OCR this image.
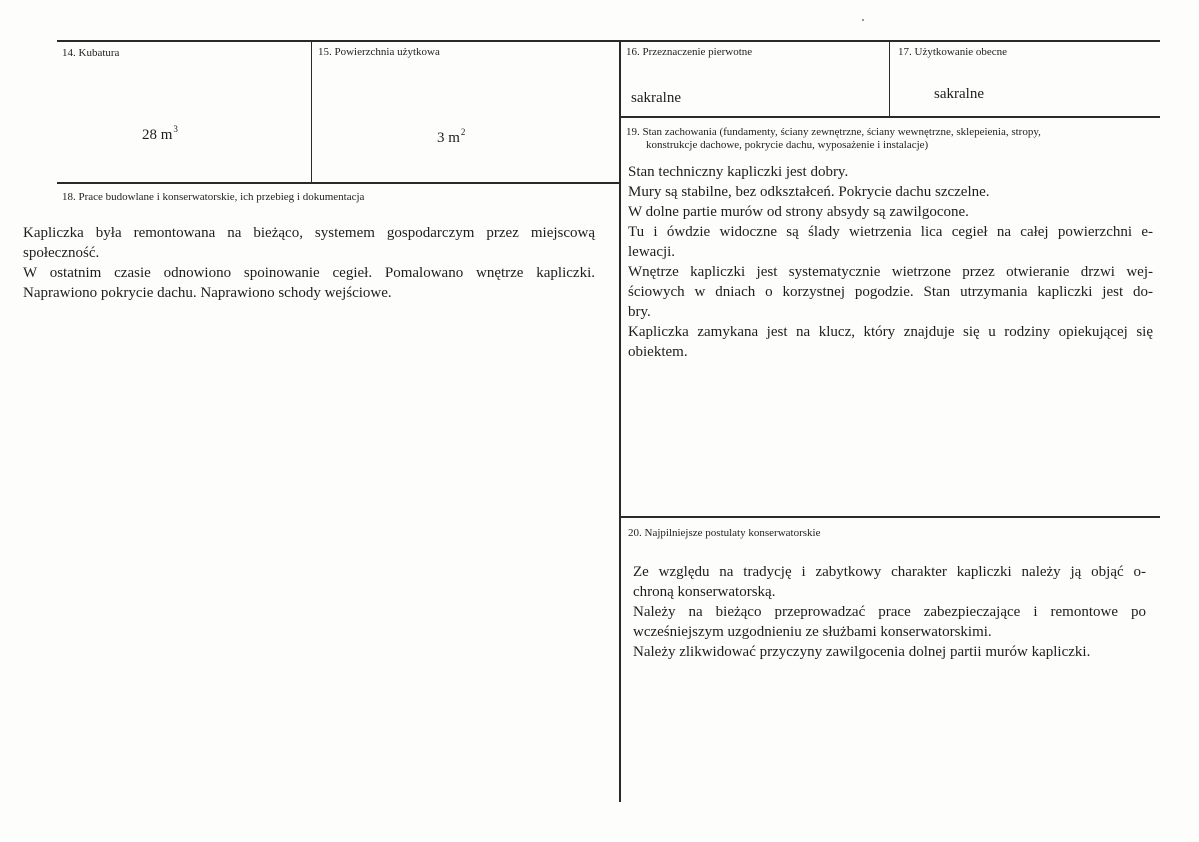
14. Kubatura
28 $m^3$
15. Powierzchnia użytkowa
3 $m^2$
16. Przeznaczenie pierwotne
sakralne
17. Użytkowanie obecne
sakralne
18. Prace budowlane i konserwatorskie, ich przebieg i dokumentacja
Kapliczka była remontowana na bieżąco, systemem gospodarczym przez miejscową
społeczność.
W ostatnim czasie odnowiono spoinowanie cegieł. Pomalowano wnętrze kapliczki.
Naprawiono pokrycie dachu. Naprawiono schody wejściowe.
19. Stan zachowania (fundamenty, ściany zewnętrzne, ściany wewnętrzne, sklepeienia, stropy,
konstrukcje dachowe, pokrycie dachu, wyposażenie i instalacje)
Stan techniczny kapliczki jest dobry.
Mury są stabilne, bez odkształceń. Pokrycie dachu szczelne.
W dolne partie murów od strony absydy są zawilgocone.
Tu i ówdzie widoczne są ślady wietrzenia lica cegieł na całej powierzchni e-
lewacji.
Wnętrze kapliczki jest systematycznie wietrzone przez otwieranie drzwi wej-
ściowych w dniach o korzystnej pogodzie. Stan utrzymania kapliczki jest do-
bry.
Kapliczka zamykana jest na klucz, który znajduje się u rodziny opiekującej się
obiektem.
20. Najpilniejsze postulaty konserwatorskie
Ze względu na tradycję i zabytkowy charakter kapliczki należy ją objąć o-
chroną konserwatorską.
Należy na bieżąco przeprowadzać prace zabezpieczające i remontowe po
wcześniejszym uzgodnieniu ze służbami konserwatorskimi.
Należy zlikwidować przyczyny zawilgocenia dolnej partii murów kapliczki.
